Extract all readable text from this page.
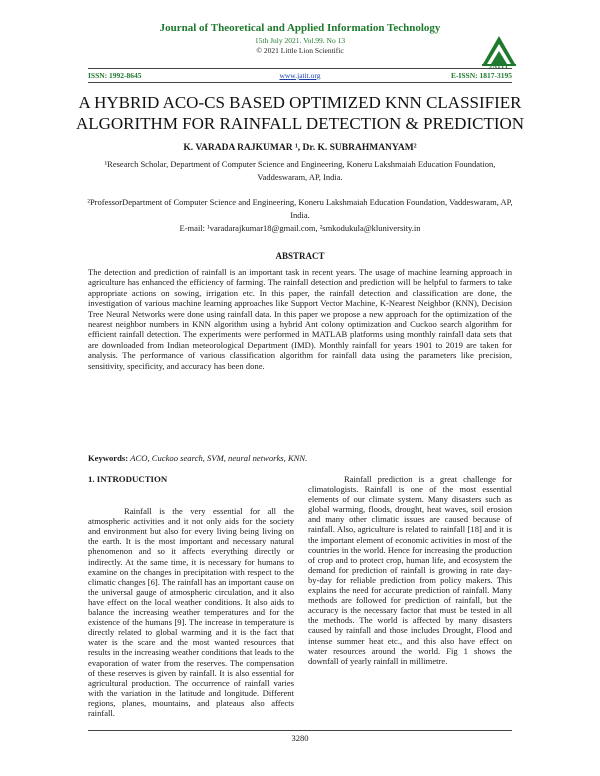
Journal of Theoretical and Applied Information Technology
15th July 2021. Vol.99. No 13
© 2021 Little Lion Scientific
JATIT
ISSN: 1992-8645	www.jatit.org	E-ISSN: 1817-3195
A HYBRID ACO-CS BASED OPTIMIZED KNN CLASSIFIER ALGORITHM FOR RAINFALL DETECTION & PREDICTION
K. VARADA RAJKUMAR ¹, Dr. K. SUBRAHMANYAM²
¹Research Scholar, Department of Computer Science and Engineering, Koneru Lakshmaiah Education Foundation, Vaddeswaram, AP, India.
²ProfessorDepartment of Computer Science and Engineering, Koneru Lakshmaiah Education Foundation, Vaddeswaram, AP, India.
E-mail: ¹varadarajkumar18@gmail.com, ²smkodukula@kluniversity.in
ABSTRACT
The detection and prediction of rainfall is an important task in recent years. The usage of machine learning approach in agriculture has enhanced the efficiency of farming. The rainfall detection and prediction will be helpful to farmers to take appropriate actions on sowing, irrigation etc. In this paper, the rainfall detection and classification are done, the investigation of various machine learning approaches like Support Vector Machine, K-Nearest Neighbor (KNN), Decision Tree Neural Networks were done using rainfall data. In this paper we propose a new approach for the optimization of the nearest neighbor numbers in KNN algorithm using a hybrid Ant colony optimization and Cuckoo search algorithm for efficient rainfall detection. The experiments were performed in MATLAB platforms using monthly rainfall data sets that are downloaded from Indian meteorological Department (IMD). Monthly rainfall for years 1901 to 2019 are taken for analysis. The performance of various classification algorithm for rainfall data using the parameters like precision, sensitivity, specificity, and accuracy has been done.
Keywords: ACO, Cuckoo search, SVM, neural networks, KNN.
1. INTRODUCTION
Rainfall is the very essential for all the atmospheric activities and it not only aids for the society and environment but also for every living being living on the earth. It is the most important and necessary natural phenomenon and so it affects everything directly or indirectly. At the same time, it is necessary for humans to examine on the changes in precipitation with respect to the climatic changes [6]. The rainfall has an important cause on the universal gauge of atmospheric circulation, and it also have effect on the local weather conditions. It also aids to balance the increasing weather temperatures and for the existence of the humans [9]. The increase in temperature is directly related to global warming and it is the fact that water is the scare and the most wanted resources that results in the increasing weather conditions that leads to the evaporation of water from the reserves. The compensation of these reserves is given by rainfall. It is also essential for agricultural production. The occurrence of rainfall varies with the variation in the latitude and longitude. Different regions, planes, mountains, and plateaus also affects rainfall.
Rainfall prediction is a great challenge for climatologists. Rainfall is one of the most essential elements of our climate system. Many disasters such as global warming, floods, drought, heat waves, soil erosion and many other climatic issues are caused because of rainfall. Also, agriculture is related to rainfall [18] and it is the important element of economic activities in most of the countries in the world. Hence for increasing the production of crop and to protect crop, human life, and ecosystem the demand for prediction of rainfall is growing in rate day-by-day for reliable prediction from policy makers. This explains the need for accurate prediction of rainfall. Many methods are followed for prediction of rainfall, but the accuracy is the necessary factor that must be tested in all the methods. The world is affected by many disasters caused by rainfall and those includes Drought, Flood and intense summer heat etc., and this also have effect on water resources around the world. Fig 1 shows the downfall of yearly rainfall in millimetre.
3280
